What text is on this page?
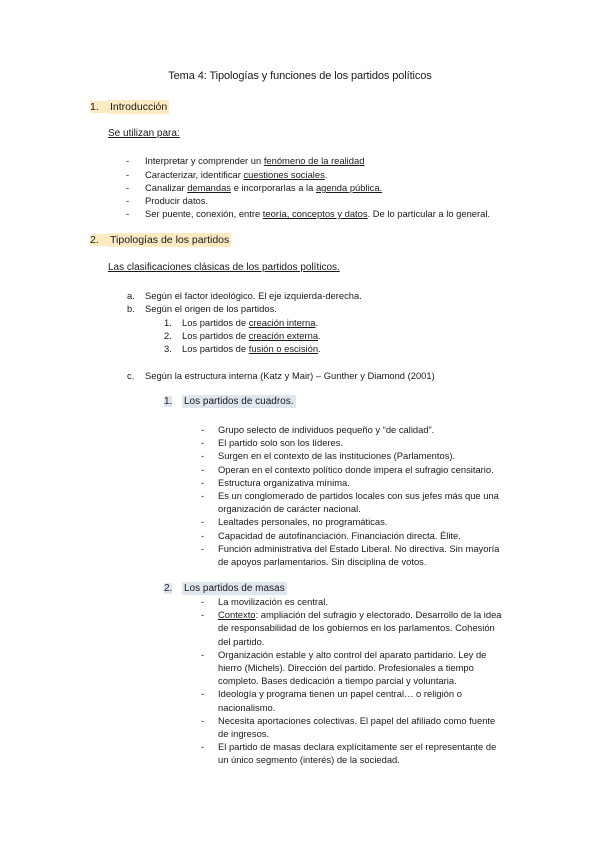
Tema 4: Tipologías y funciones de los partidos políticos
1. Introducción
Se utilizan para:
- Interpretar y comprender un fenómeno de la realidad
- Caracterizar, identificar cuestiones sociales.
- Canalizar demandas e incorporarlas a la agenda pública.
- Producir datos.
- Ser puente, conexión, entre teoría, conceptos y datos. De lo particular a lo general.
2. Tipologías de los partidos
Las clasificaciones clásicas de los partidos políticos.
a. Según el factor ideológico. El eje izquierda-derecha.
b. Según el origen de los partidos.
1. Los partidos de creación interna.
2. Los partidos de creación externa.
3. Los partidos de fusión o escisión.
c. Según la estructura interna (Katz y Mair) – Gunther y Diamond (2001)
1. Los partidos de cuadros.
- Grupo selecto de individuos pequeño y “de calidad”.
- El partido solo son los líderes.
- Surgen en el contexto de las instituciones (Parlamentos).
- Operan en el contexto político donde impera el sufragio censitario.
- Estructura organizativa mínima.
- Es un conglomerado de partidos locales con sus jefes más que una
organización de carácter nacional.
- Lealtades personales, no programáticas.
- Capacidad de autofinanciación. Financiación directa. Élite.
- Función administrativa del Estado Liberal. No directiva. Sin mayoría
de apoyos parlamentarios. Sin disciplina de votos.
2. Los partidos de masas
- La movilización es central.
- Contexto: ampliación del sufragio y electorado. Desarrollo de la idea
de responsabilidad de los gobiernos en los parlamentos. Cohesión
del partido.
- Organización estable y alto control del aparato partidario. Ley de
hierro (Michels). Dirección del partido. Profesionales a tiempo
completo. Bases dedicación a tiempo parcial y voluntaria.
- Ideología y programa tienen un papel central… o religión o
nacionalismo.
- Necesita aportaciones colectivas. El papel del afiliado como fuente
de ingresos.
- El partido de masas declara explícitamente ser el representante de
un único segmento (interés) de la sociedad.
